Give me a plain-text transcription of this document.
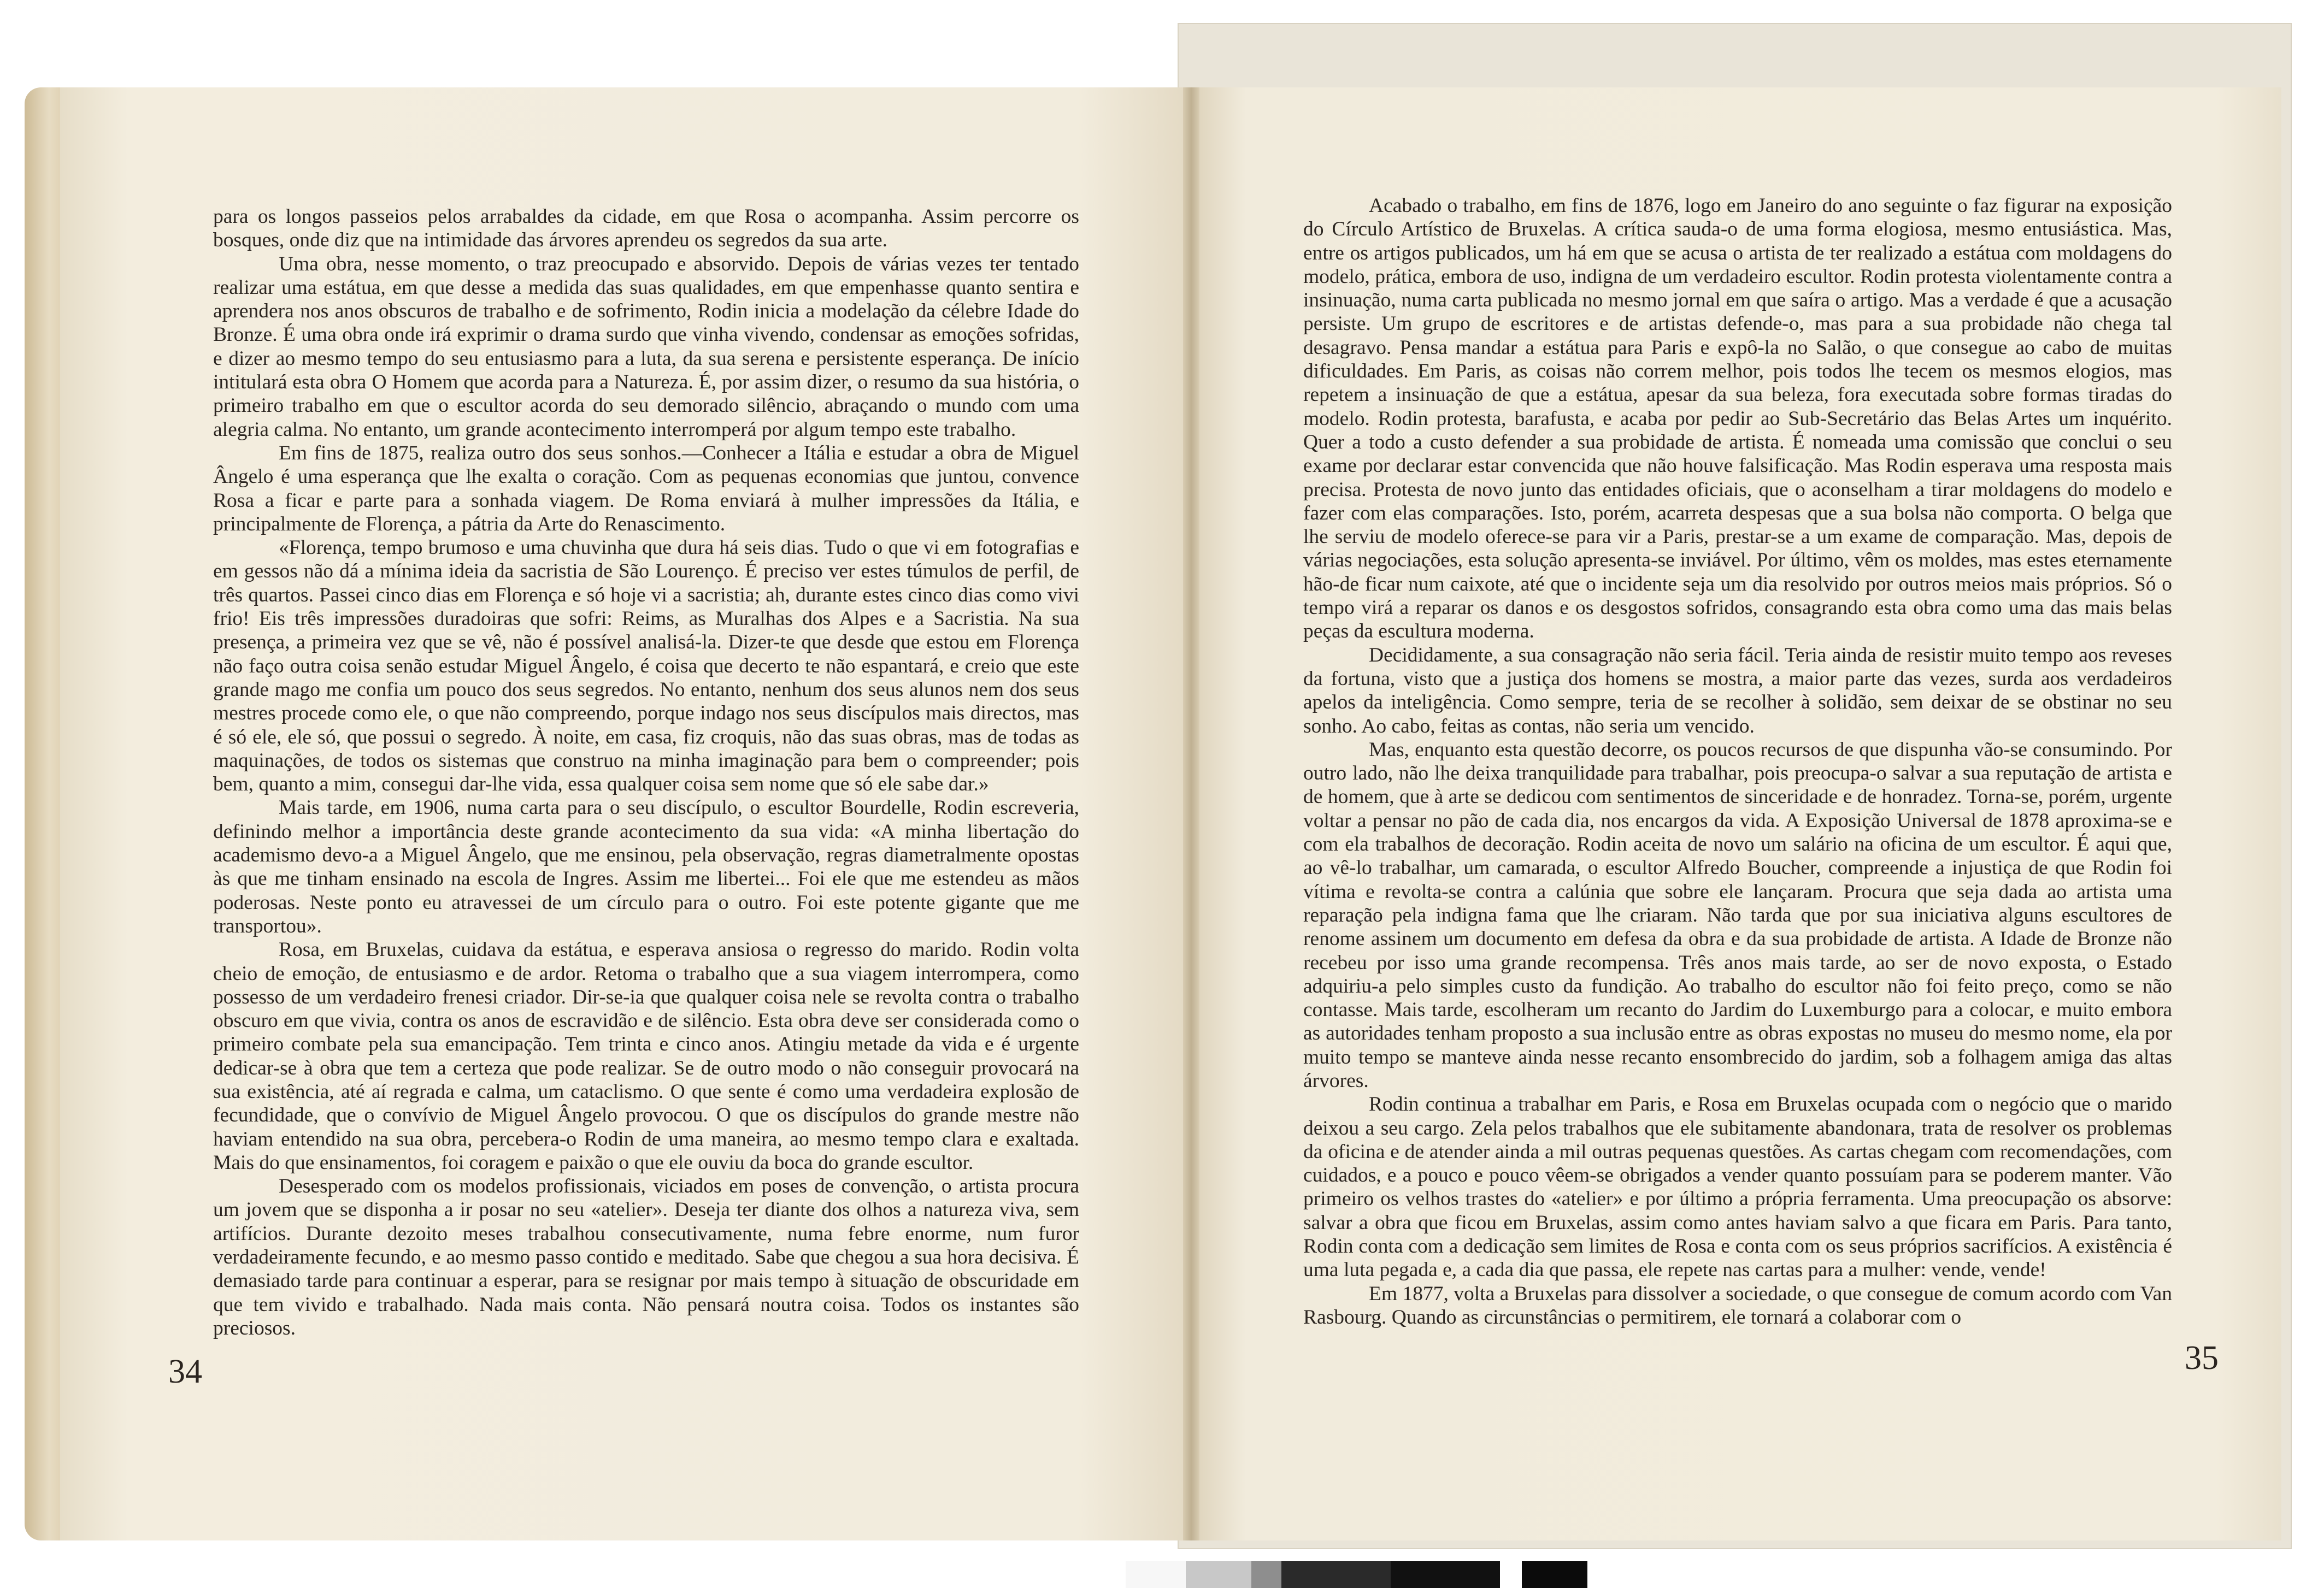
para os longos passeios pelos arrabaldes da cidade, em que Rosa o acompanha. Assim percorre os bosques, onde diz que na intimidade das árvores aprendeu os segredos da sua arte.

Uma obra, nesse momento, o traz preocupado e absorvido. Depois de várias vezes ter tentado realizar uma estátua, em que desse a medida das suas qualidades, em que empenhasse quanto sentira e aprendera nos anos obscuros de trabalho e de sofrimento, Rodin inicia a modelação da célebre Idade do Bronze. É uma obra onde irá exprimir o drama surdo que vinha vivendo, condensar as emoções sofridas, e dizer ao mesmo tempo do seu entusiasmo para a luta, da sua serena e persistente esperança. De início intitulará esta obra O Homem que acorda para a Natureza. É, por assim dizer, o resumo da sua história, o primeiro trabalho em que o escultor acorda do seu demorado silêncio, abraçando o mundo com uma alegria calma. No entanto, um grande acontecimento interromperá por algum tempo este trabalho.

Em fins de 1875, realiza outro dos seus sonhos.—Conhecer a Itália e estudar a obra de Miguel Ângelo é uma esperança que lhe exalta o coração. Com as pequenas economias que juntou, convence Rosa a ficar e parte para a sonhada viagem. De Roma enviará à mulher impressões da Itália, e principalmente de Florença, a pátria da Arte do Renascimento.

«Florença, tempo brumoso e uma chuvinha que dura há seis dias. Tudo o que vi em fotografias e em gessos não dá a mínima ideia da sacristia de São Lourenço. É preciso ver estes túmulos de perfil, de três quartos. Passei cinco dias em Florença e só hoje vi a sacristia; ah, durante estes cinco dias como vivi frio! Eis três impressões duradoiras que sofri: Reims, as Muralhas dos Alpes e a Sacristia. Na sua presença, a primeira vez que se vê, não é possível analisá-la. Dizer-te que desde que estou em Florença não faço outra coisa senão estudar Miguel Ângelo, é coisa que decerto te não espantará, e creio que este grande mago me confia um pouco dos seus segredos. No entanto, nenhum dos seus alunos nem dos seus mestres procede como ele, o que não compreendo, porque indago nos seus discípulos mais directos, mas é só ele, ele só, que possui o segredo. À noite, em casa, fiz croquis, não das suas obras, mas de todas as maquinações, de todos os sistemas que construo na minha imaginação para bem o compreender; pois bem, quanto a mim, consegui dar-lhe vida, essa qualquer coisa sem nome que só ele sabe dar.»

Mais tarde, em 1906, numa carta para o seu discípulo, o escultor Bourdelle, Rodin escreveria, definindo melhor a importância deste grande acontecimento da sua vida: «A minha libertação do academismo devo-a a Miguel Ângelo, que me ensinou, pela observação, regras diametralmente opostas às que me tinham ensinado na escola de Ingres. Assim me libertei... Foi ele que me estendeu as mãos poderosas. Neste ponto eu atravessei de um círculo para o outro. Foi este potente gigante que me transportou».

Rosa, em Bruxelas, cuidava da estátua, e esperava ansiosa o regresso do marido. Rodin volta cheio de emoção, de entusiasmo e de ardor. Retoma o trabalho que a sua viagem interrompera, como possesso de um verdadeiro frenesi criador. Dir-se-ia que qualquer coisa nele se revolta contra o trabalho obscuro em que vivia, contra os anos de escravidão e de silêncio. Esta obra deve ser considerada como o primeiro combate pela sua emancipação. Tem trinta e cinco anos. Atingiu metade da vida e é urgente dedicar-se à obra que tem a certeza que pode realizar. Se de outro modo o não conseguir provocará na sua existência, até aí regrada e calma, um cataclismo. O que sente é como uma verdadeira explosão de fecundidade, que o convívio de Miguel Ângelo provocou. O que os discípulos do grande mestre não haviam entendido na sua obra, percebera-o Rodin de uma maneira, ao mesmo tempo clara e exaltada. Mais do que ensinamentos, foi coragem e paixão o que ele ouviu da boca do grande escultor.

Desesperado com os modelos profissionais, viciados em poses de convenção, o artista procura um jovem que se disponha a ir posar no seu «atelier». Deseja ter diante dos olhos a natureza viva, sem artifícios. Durante dezoito meses trabalhou consecutivamente, numa febre enorme, num furor verdadeiramente fecundo, e ao mesmo passo contido e meditado. Sabe que chegou a sua hora decisiva. É demasiado tarde para continuar a esperar, para se resignar por mais tempo à situação de obscuridade em que tem vivido e trabalhado. Nada mais conta. Não pensará noutra coisa. Todos os instantes são preciosos.

Acabado o trabalho, em fins de 1876, logo em Janeiro do ano seguinte o faz figurar na exposição do Círculo Artístico de Bruxelas. A crítica sauda-o de uma forma elogiosa, mesmo entusiástica. Mas, entre os artigos publicados, um há em que se acusa o artista de ter realizado a estátua com moldagens do modelo, prática, embora de uso, indigna de um verdadeiro escultor. Rodin protesta violentamente contra a insinuação, numa carta publicada no mesmo jornal em que saíra o artigo. Mas a verdade é que a acusação persiste. Um grupo de escritores e de artistas defende-o, mas para a sua probidade não chega tal desagravo. Pensa mandar a estátua para Paris e expô-la no Salão, o que consegue ao cabo de muitas dificuldades. Em Paris, as coisas não correm melhor, pois todos lhe tecem os mesmos elogios, mas repetem a insinuação de que a estátua, apesar da sua beleza, fora executada sobre formas tiradas do modelo. Rodin protesta, barafusta, e acaba por pedir ao Sub-Secretário das Belas Artes um inquérito. Quer a todo a custo defender a sua probidade de artista. É nomeada uma comissão que conclui o seu exame por declarar estar convencida que não houve falsificação. Mas Rodin esperava uma resposta mais precisa. Protesta de novo junto das entidades oficiais, que o aconselham a tirar moldagens do modelo e fazer com elas comparações. Isto, porém, acarreta despesas que a sua bolsa não comporta. O belga que lhe serviu de modelo oferece-se para vir a Paris, prestar-se a um exame de comparação. Mas, depois de várias negociações, esta solução apresenta-se inviável. Por último, vêm os moldes, mas estes eternamente hão-de ficar num caixote, até que o incidente seja um dia resolvido por outros meios mais próprios. Só o tempo virá a reparar os danos e os desgostos sofridos, consagrando esta obra como uma das mais belas peças da escultura moderna.

Decididamente, a sua consagração não seria fácil. Teria ainda de resistir muito tempo aos reveses da fortuna, visto que a justiça dos homens se mostra, a maior parte das vezes, surda aos verdadeiros apelos da inteligência. Como sempre, teria de se recolher à solidão, sem deixar de se obstinar no seu sonho. Ao cabo, feitas as contas, não seria um vencido.

Mas, enquanto esta questão decorre, os poucos recursos de que dispunha vão-se consumindo. Por outro lado, não lhe deixa tranquilidade para trabalhar, pois preocupa-o salvar a sua reputação de artista e de homem, que à arte se dedicou com sentimentos de sinceridade e de honradez. Torna-se, porém, urgente voltar a pensar no pão de cada dia, nos encargos da vida. A Exposição Universal de 1878 aproxima-se e com ela trabalhos de decoração. Rodin aceita de novo um salário na oficina de um escultor. É aqui que, ao vê-lo trabalhar, um camarada, o escultor Alfredo Boucher, compreende a injustiça de que Rodin foi vítima e revolta-se contra a calúnia que sobre ele lançaram. Procura que seja dada ao artista uma reparação pela indigna fama que lhe criaram. Não tarda que por sua iniciativa alguns escultores de renome assinem um documento em defesa da obra e da sua probidade de artista. A Idade de Bronze não recebeu por isso uma grande recompensa. Três anos mais tarde, ao ser de novo exposta, o Estado adquiriu-a pelo simples custo da fundição. Ao trabalho do escultor não foi feito preço, como se não contasse. Mais tarde, escolheram um recanto do Jardim do Luxemburgo para a colocar, e muito embora as autoridades tenham proposto a sua inclusão entre as obras expostas no museu do mesmo nome, ela por muito tempo se manteve ainda nesse recanto ensombrecido do jardim, sob a folhagem amiga das altas árvores.

Rodin continua a trabalhar em Paris, e Rosa em Bruxelas ocupada com o negócio que o marido deixou a seu cargo. Zela pelos trabalhos que ele subitamente abandonara, trata de resolver os problemas da oficina e de atender ainda a mil outras pequenas questões. As cartas chegam com recomendações, com cuidados, e a pouco e pouco vêem-se obrigados a vender quanto possuíam para se poderem manter. Vão primeiro os velhos trastes do «atelier» e por último a própria ferramenta. Uma preocupação os absorve: salvar a obra que ficou em Bruxelas, assim como antes haviam salvo a que ficara em Paris. Para tanto, Rodin conta com a dedicação sem limites de Rosa e conta com os seus próprios sacrifícios. A existência é uma luta pegada e, a cada dia que passa, ele repete nas cartas para a mulher: vende, vende!

Em 1877, volta a Bruxelas para dissolver a sociedade, o que consegue de comum acordo com Van Rasbourg. Quando as circunstâncias o permitirem, ele tornará a colaborar com o

34	35
